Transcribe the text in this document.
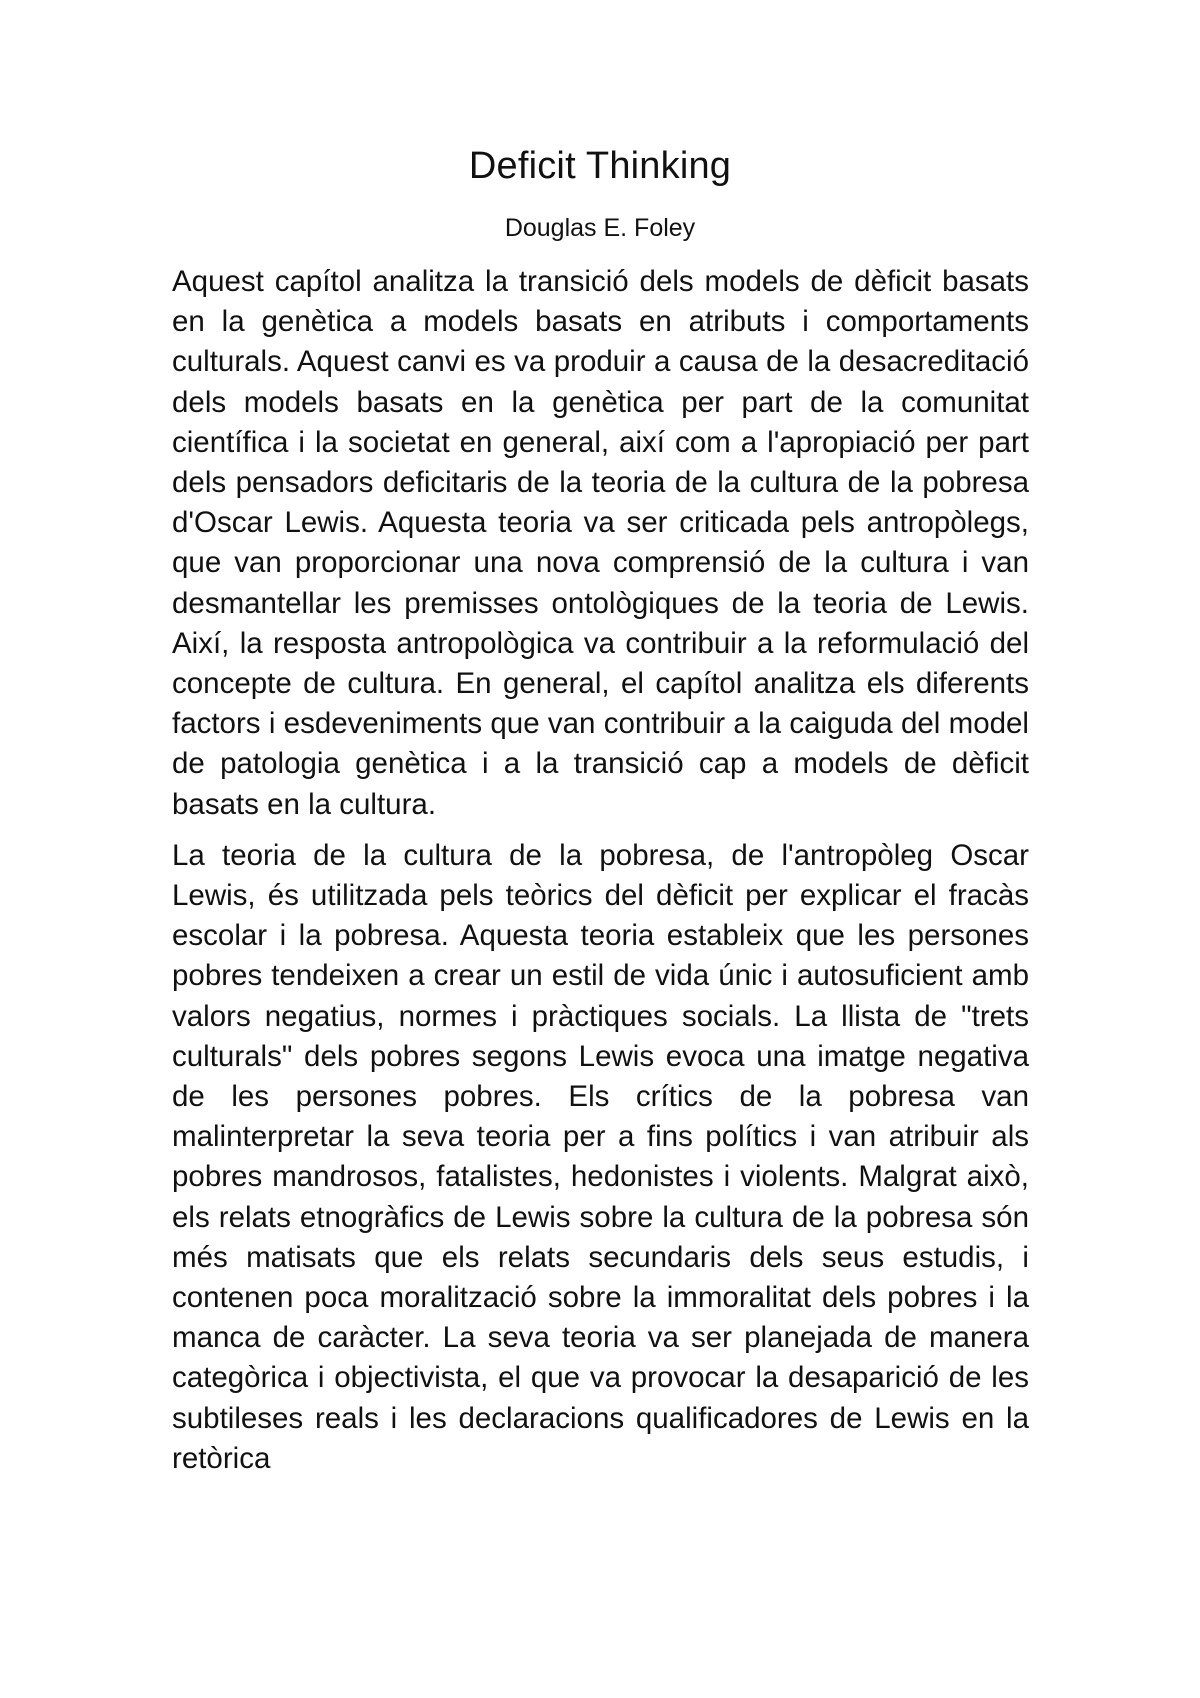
Deficit Thinking
Douglas E. Foley

Aquest capítol analitza la transició dels models de dèficit basats en la genètica a models basats en atributs i comportaments culturals. Aquest canvi es va produir a causa de la desacreditació dels models basats en la genètica per part de la comunitat científica i la societat en general, així com a l'apropiació per part dels pensadors deficitaris de la teoria de la cultura de la pobresa d'Oscar Lewis. Aquesta teoria va ser criticada pels antropòlegs, que van proporcionar una nova comprensió de la cultura i van desmantellar les premisses ontològiques de la teoria de Lewis. Així, la resposta antropològica va contribuir a la reformulació del concepte de cultura. En general, el capítol analitza els diferents factors i esdeveniments que van contribuir a la caiguda del model de patologia genètica i a la transició cap a models de dèficit basats en la cultura.

La teoria de la cultura de la pobresa, de l'antropòleg Oscar Lewis, és utilitzada pels teòrics del dèficit per explicar el fracàs escolar i la pobresa. Aquesta teoria estableix que les persones pobres tendeixen a crear un estil de vida únic i autosuficient amb valors negatius, normes i pràctiques socials. La llista de "trets culturals" dels pobres segons Lewis evoca una imatge negativa de les persones pobres. Els crítics de la pobresa van malinterpretar la seva teoria per a fins polítics i van atribuir als pobres mandrosos, fatalistes, hedonistes i violents. Malgrat això, els relats etnogràfics de Lewis sobre la cultura de la pobresa són més matisats que els relats secundaris dels seus estudis, i contenen poca moralització sobre la immoralitat dels pobres i la manca de caràcter. La seva teoria va ser planejada de manera categòrica i objectivista, el que va provocar la desaparició de les subtileses reals i les declaracions qualificadores de Lewis en la retòrica
